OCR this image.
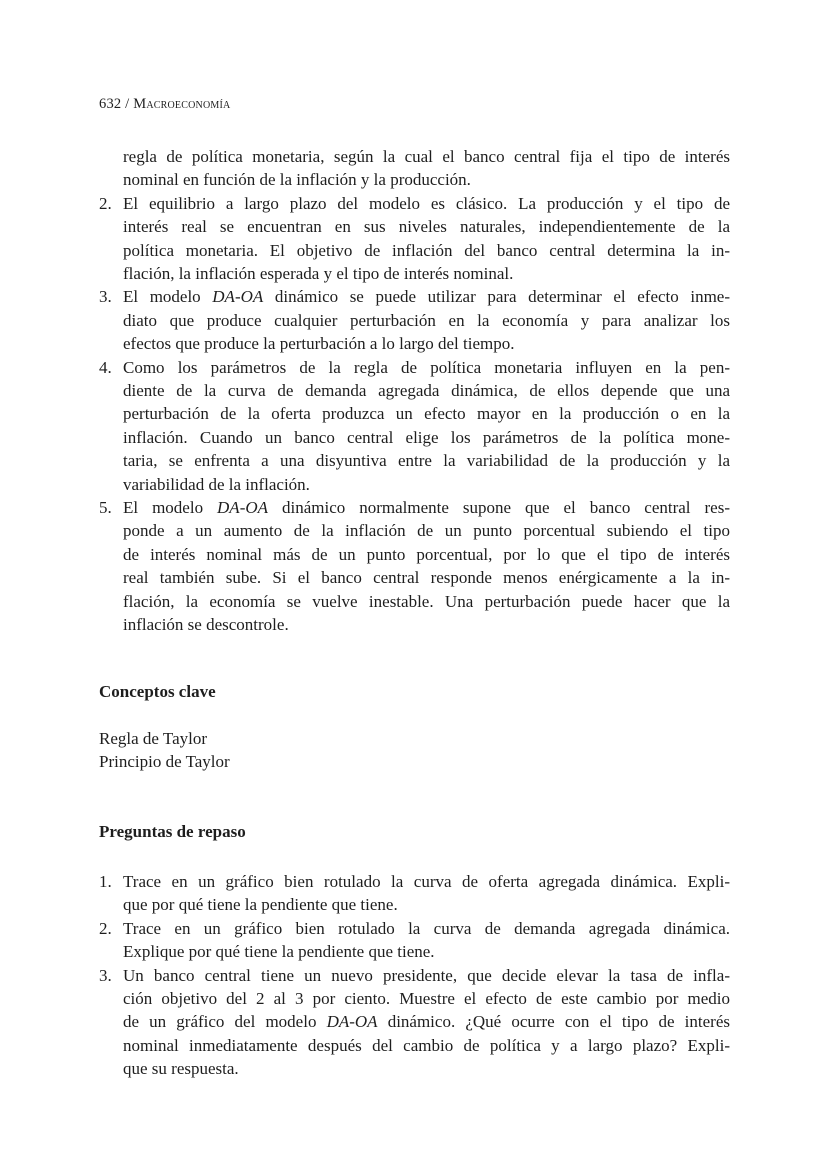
632 / Macroeconomía
regla de política monetaria, según la cual el banco central fija el tipo de interés
nominal en función de la inflación y la producción.
2. El equilibrio a largo plazo del modelo es clásico. La producción y el tipo de
interés real se encuentran en sus niveles naturales, independientemente de la
política monetaria. El objetivo de inflación del banco central determina la in-
flación, la inflación esperada y el tipo de interés nominal.
3. El modelo DA-OA dinámico se puede utilizar para determinar el efecto inme-
diato que produce cualquier perturbación en la economía y para analizar los
efectos que produce la perturbación a lo largo del tiempo.
4. Como los parámetros de la regla de política monetaria influyen en la pen-
diente de la curva de demanda agregada dinámica, de ellos depende que una
perturbación de la oferta produzca un efecto mayor en la producción o en la
inflación. Cuando un banco central elige los parámetros de la política mone-
taria, se enfrenta a una disyuntiva entre la variabilidad de la producción y la
variabilidad de la inflación.
5. El modelo DA-OA dinámico normalmente supone que el banco central res-
ponde a un aumento de la inflación de un punto porcentual subiendo el tipo
de interés nominal más de un punto porcentual, por lo que el tipo de interés
real también sube. Si el banco central responde menos enérgicamente a la in-
flación, la economía se vuelve inestable. Una perturbación puede hacer que la
inflación se descontrole.
Conceptos clave
Regla de Taylor
Principio de Taylor
Preguntas de repaso
1. Trace en un gráfico bien rotulado la curva de oferta agregada dinámica. Expli-
que por qué tiene la pendiente que tiene.
2. Trace en un gráfico bien rotulado la curva de demanda agregada dinámica.
Explique por qué tiene la pendiente que tiene.
3. Un banco central tiene un nuevo presidente, que decide elevar la tasa de infla-
ción objetivo del 2 al 3 por ciento. Muestre el efecto de este cambio por medio
de un gráfico del modelo DA-OA dinámico. ¿Qué ocurre con el tipo de interés
nominal inmediatamente después del cambio de política y a largo plazo? Expli-
que su respuesta.
